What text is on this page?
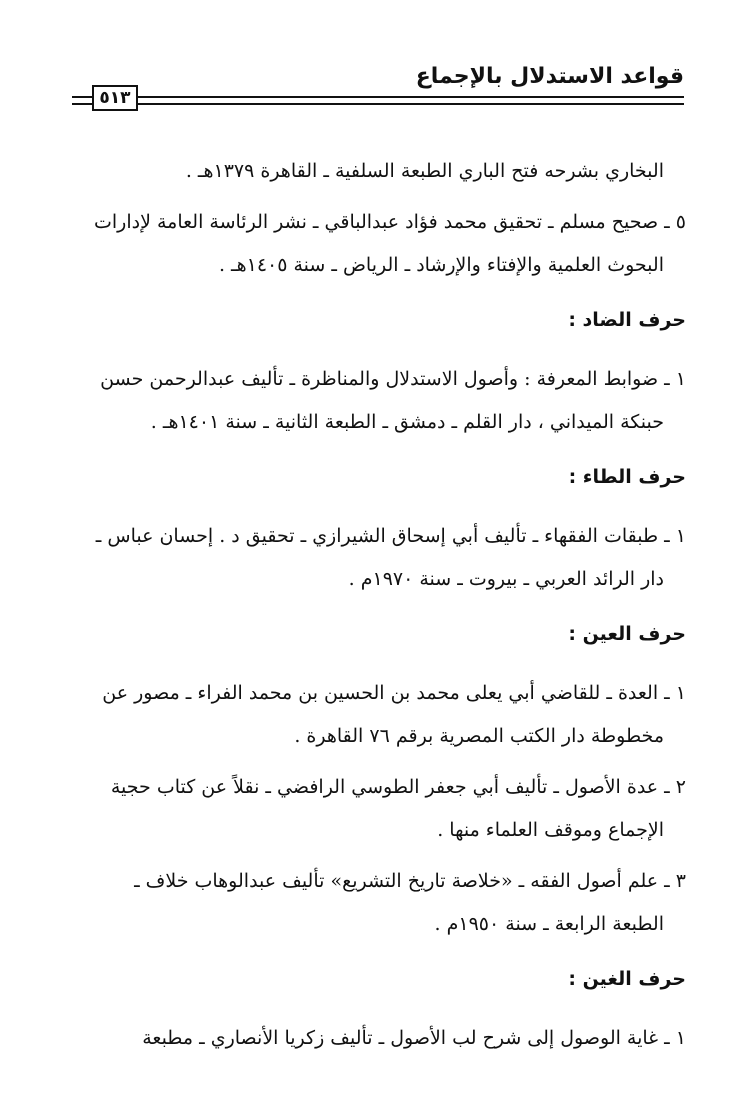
قواعد الاستدلال بالإجماع
٥١٣
البخاري بشرحه فتح الباري الطبعة السلفية ـ القاهرة ١٣٧٩هـ .
٥ ـ صحيح مسلم ـ تحقيق محمد فؤاد عبدالباقي ـ نشر الرئاسة العامة لإدارات
البحوث العلمية والإفتاء والإرشاد ـ الرياض ـ سنة ١٤٠٥هـ .
حرف الضاد :
١ ـ ضوابط المعرفة : وأصول الاستدلال والمناظرة ـ تأليف عبدالرحمن حسن
حبنكة الميداني ، دار القلم ـ دمشق ـ الطبعة الثانية ـ سنة ١٤٠١هـ .
حرف الطاء :
١ ـ طبقات الفقهاء ـ تأليف أبي إسحاق الشيرازي ـ تحقيق د . إحسان عباس ـ
دار الرائد العربي ـ بيروت ـ سنة ١٩٧٠م .
حرف العين :
١ ـ العدة ـ للقاضي أبي يعلى محمد بن الحسين بن محمد الفراء ـ مصور عن
مخطوطة دار الكتب المصرية برقم ٧٦ القاهرة .
٢ ـ عدة الأصول ـ تأليف أبي جعفر الطوسي الرافضي ـ نقلاً عن كتاب حجية
الإجماع وموقف العلماء منها .
٣ ـ علم أصول الفقه ـ «خلاصة تاريخ التشريع» تأليف عبدالوهاب خلاف ـ
الطبعة الرابعة ـ سنة ١٩٥٠م .
حرف الغين :
١ ـ غاية الوصول إلى شرح لب الأصول ـ تأليف زكريا الأنصاري ـ مطبعة
